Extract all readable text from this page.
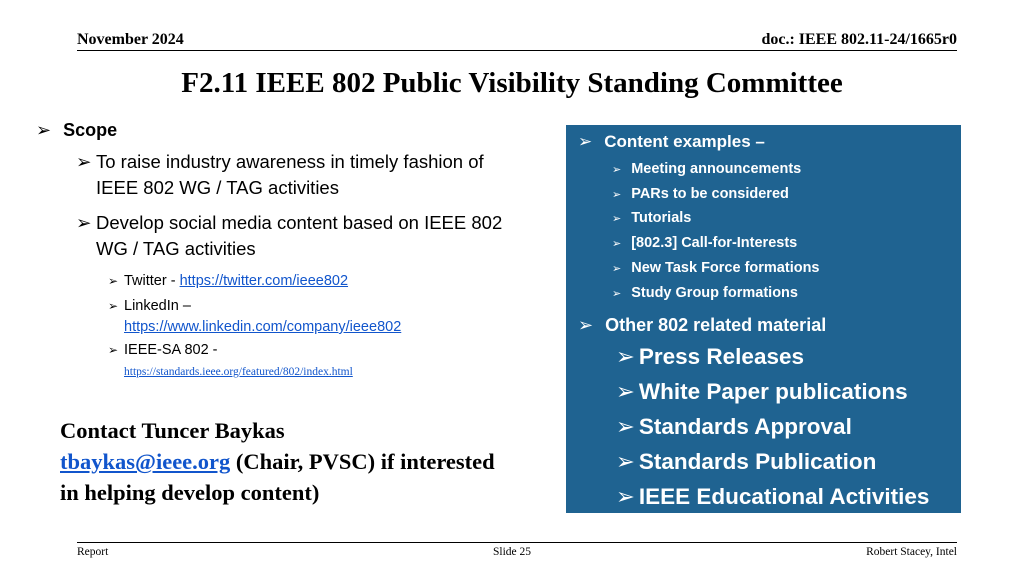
November 2024	doc.: IEEE 802.11-24/1665r0
F2.11 IEEE 802 Public Visibility Standing Committee
➢ Scope
➢ To raise industry awareness in timely fashion of IEEE 802 WG / TAG activities
➢ Develop social media content based on IEEE 802 WG / TAG activities
➢ Twitter - https://twitter.com/ieee802
➢ LinkedIn –
https://www.linkedin.com/company/ieee802
➢ IEEE-SA 802 -
https://standards.ieee.org/featured/802/index.html
Contact Tuncer Baykas
tbaykas@ieee.org (Chair, PVSC) if interested in helping develop content)
➢ Content examples –
➢ Meeting announcements
➢ PARs to be considered
➢ Tutorials
➢ [802.3] Call-for-Interests
➢ New Task Force formations
➢ Study Group formations
➢ Other 802 related material
➢ Press Releases
➢ White Paper publications
➢ Standards Approval
➢ Standards Publication
➢ IEEE Educational Activities
Report	Slide 25	Robert Stacey, Intel
